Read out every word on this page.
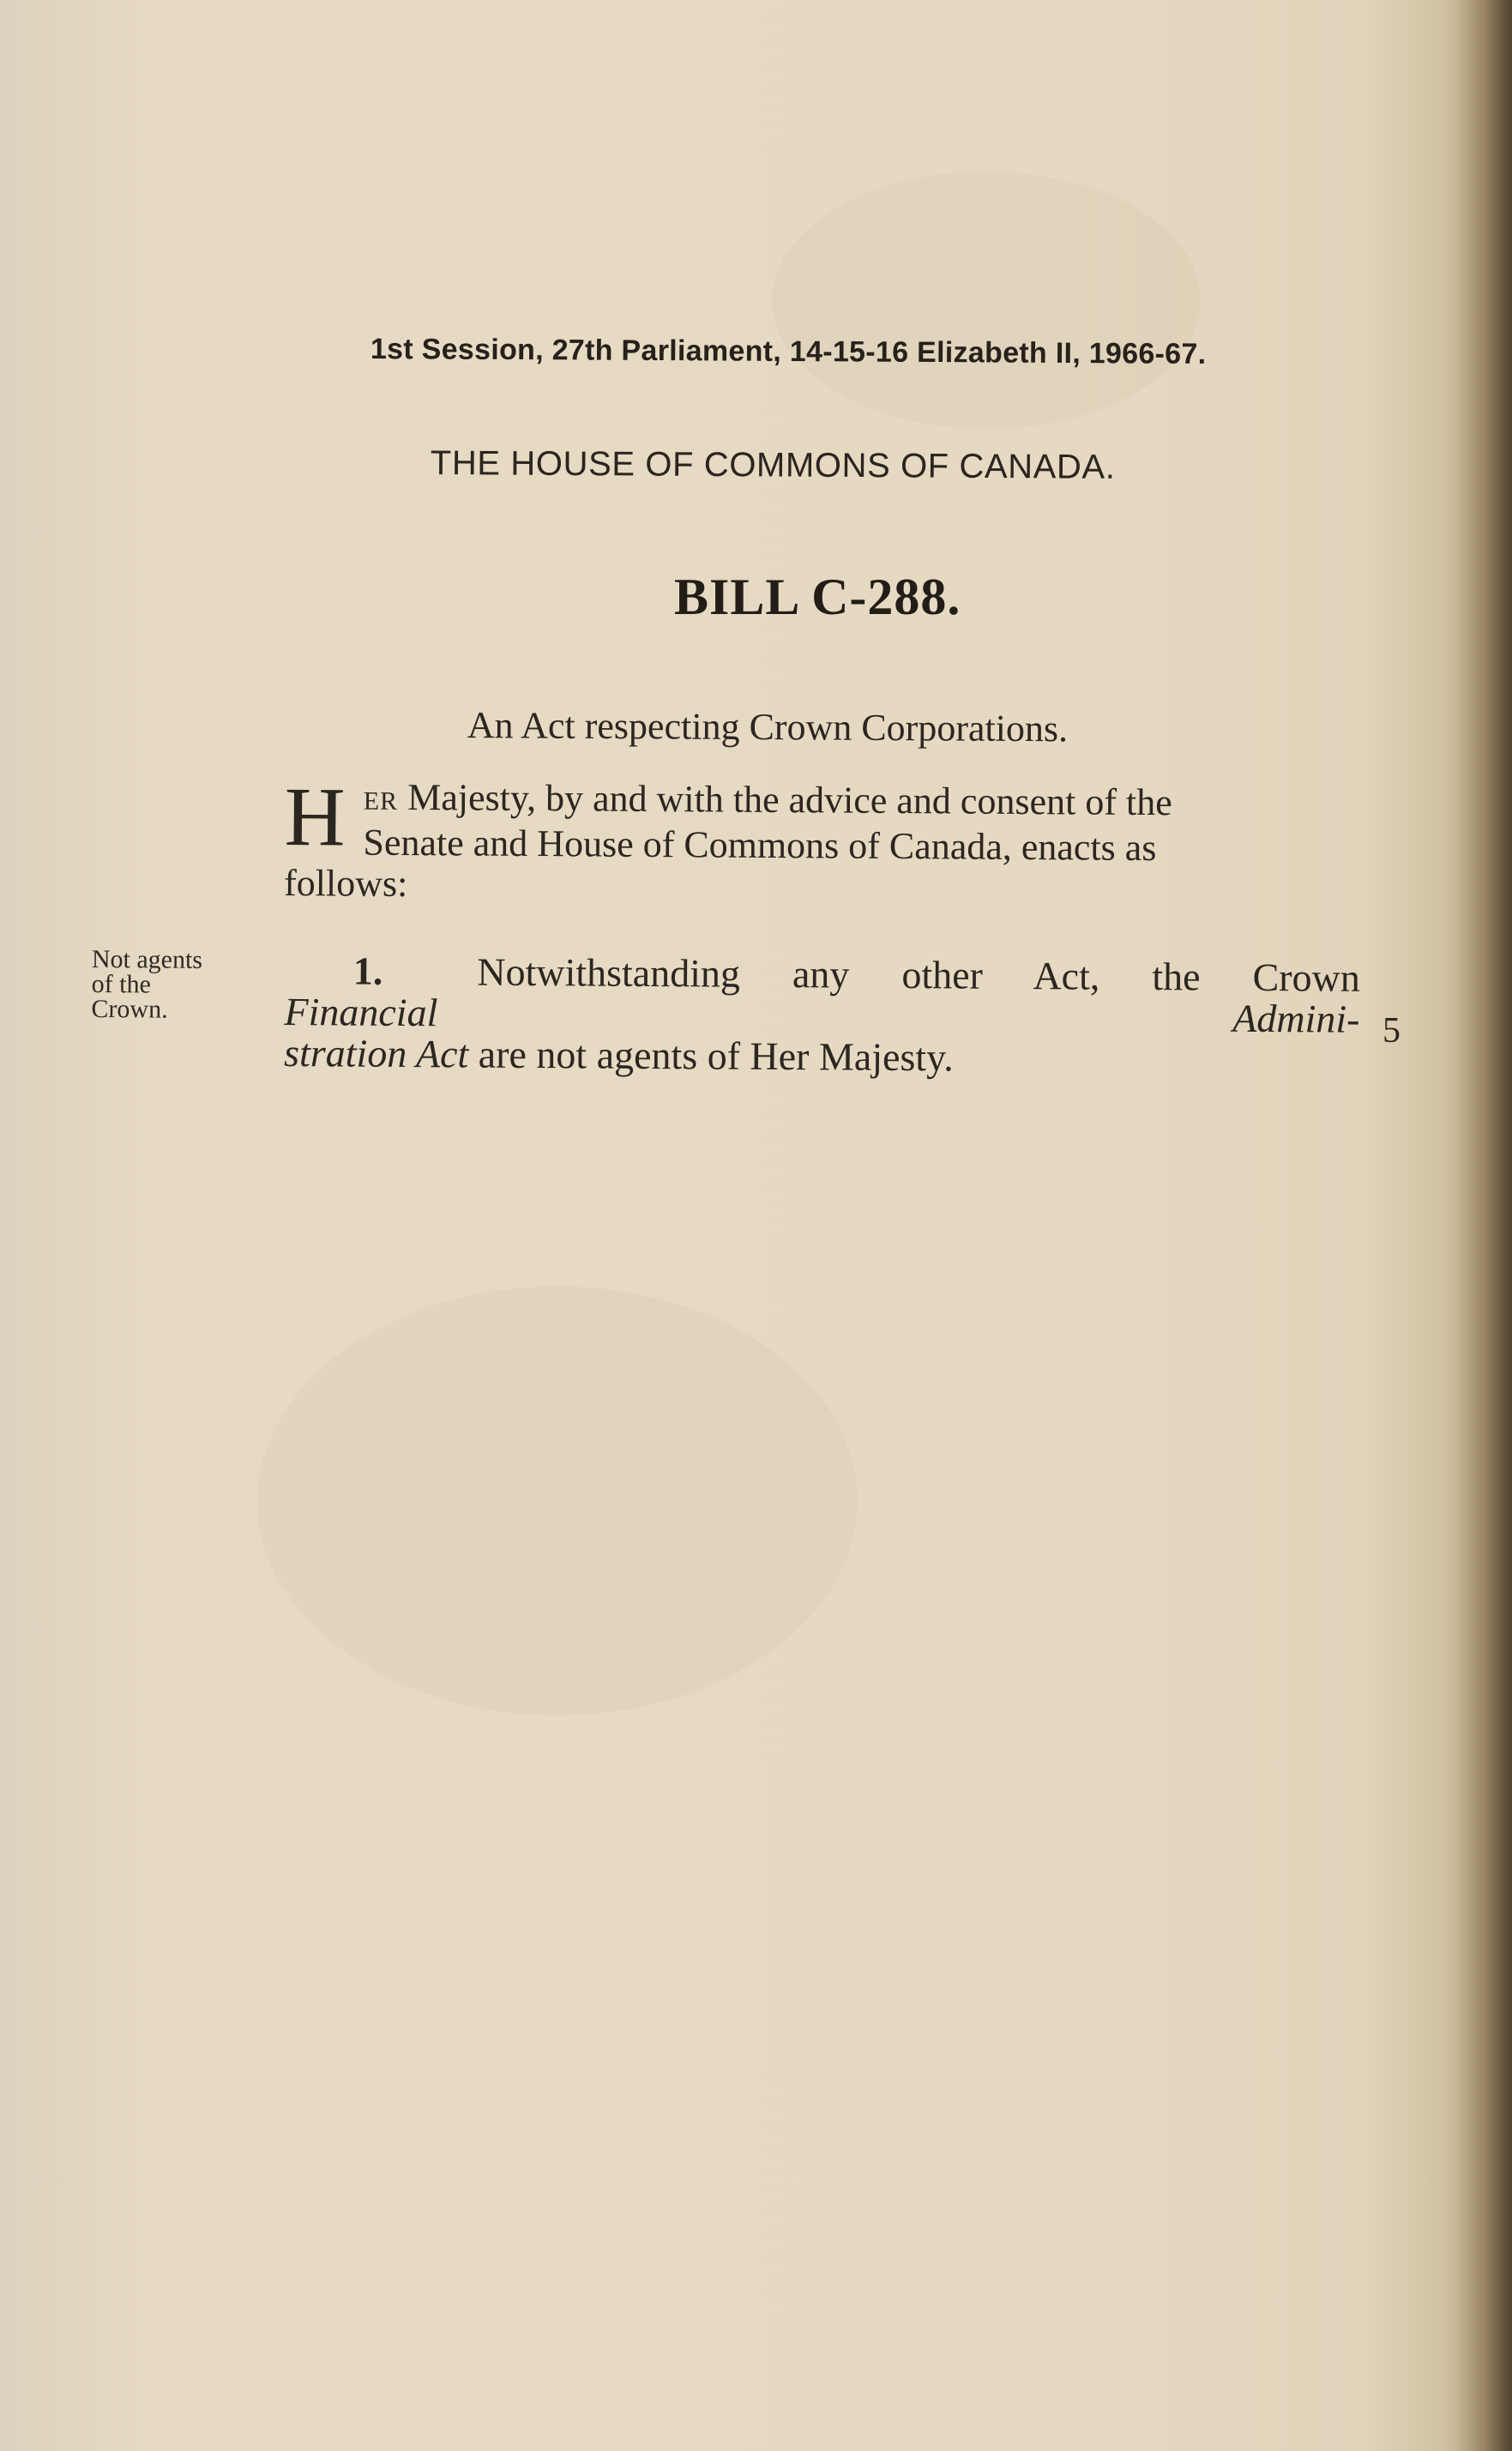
1st Session, 27th Parliament, 14-15-16 Elizabeth II, 1966-67.
THE HOUSE OF COMMONS OF CANADA.
BILL C-288.
An Act respecting Crown Corporations.
H ER Majesty, by and with the advice and consent of the
Senate and House of Commons of Canada, enacts as
follows:
Not agents
of the
Crown.
1. Notwithstanding any other Act, the Crown
Financial Admini-
stration Act are not agents of Her Majesty.
5
